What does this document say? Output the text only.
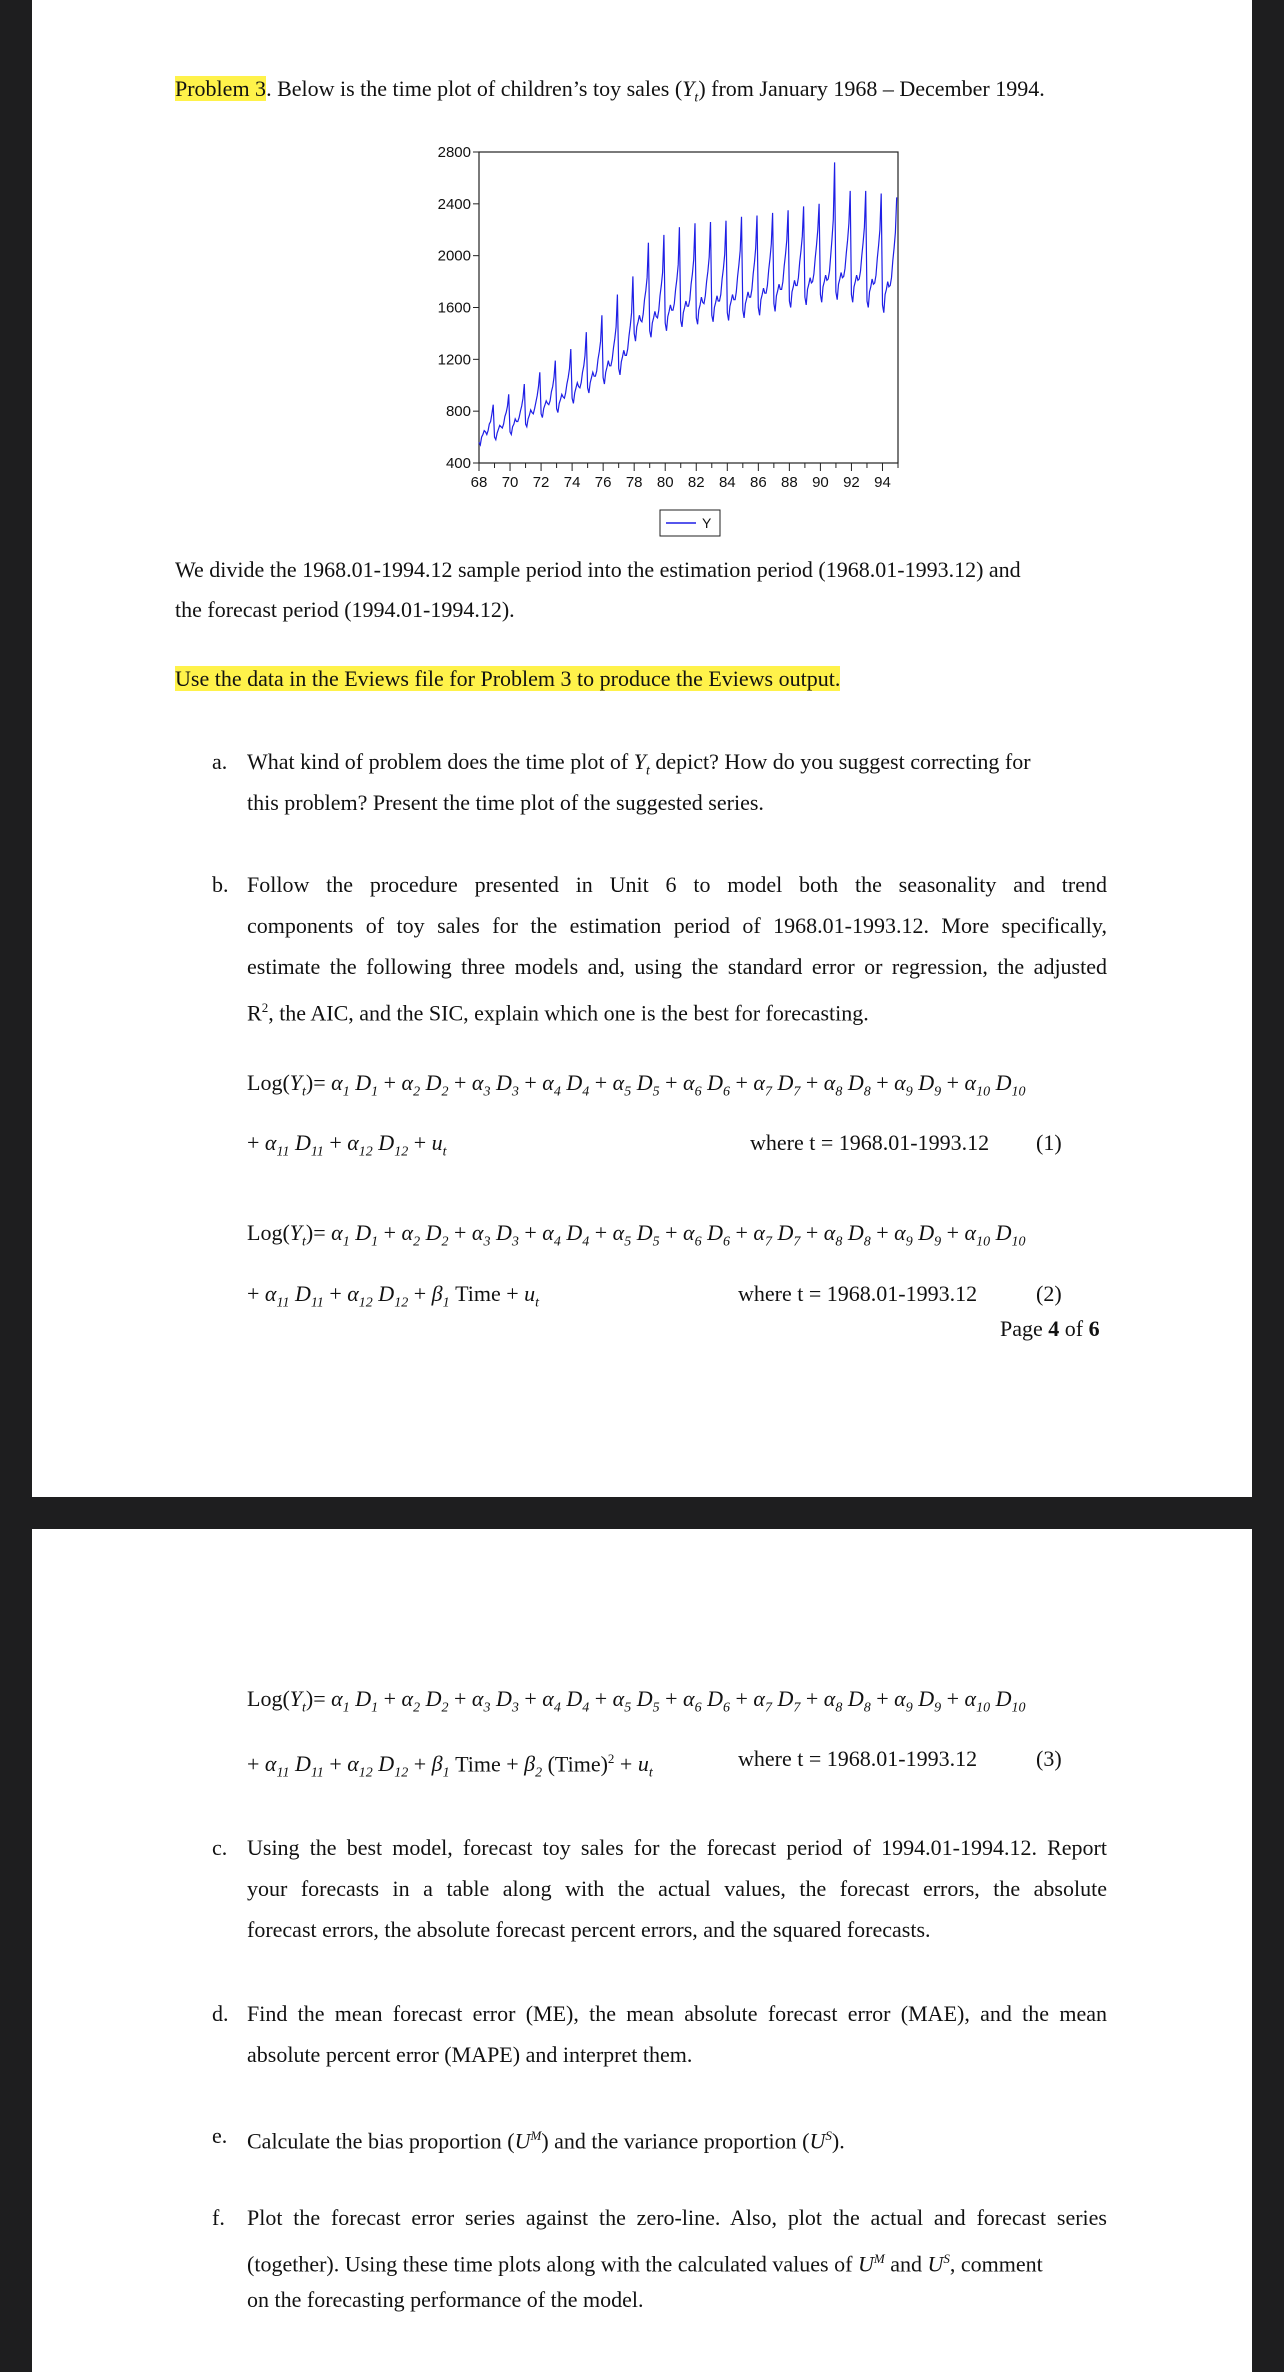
Problem 3. Below is the time plot of children’s toy sales $(Y_t)$ from January 1968 – December 1994.
400
800
1200
1600
2000
2400
2800
68 70 72 74 76 78 80 82 84 86 88 90 92 94
Y
We divide the 1968.01-1994.12 sample period into the estimation period (1968.01-1993.12) and
the forecast period (1994.01-1994.12).
Use the data in the Eviews file for Problem 3 to produce the Eviews output.
a. What kind of problem does the time plot of $Y_t$ depict? How do you suggest correcting for
this problem? Present the time plot of the suggested series.
b. Follow the procedure presented in Unit 6 to model both the seasonality and trend
components of toy sales for the estimation period of 1968.01-1993.12. More specifically,
estimate the following three models and, using the standard error or regression, the adjusted
$R^2$, the AIC, and the SIC, explain which one is the best for forecasting.
$Log(Y_t)= \alpha_1$ $D_1 + \alpha_2$ $D_2 + \alpha_3$ $D_3 + \alpha_4$ $D_4 + \alpha_5$ $D_5 + \alpha_6$ $D_6 + \alpha_7$ $D_7 + \alpha_8$ $D_8 + \alpha_9$ $D_9 + \alpha_{10}$ $D_{10}$
+ $\alpha_{11}$ $D_{11} + \alpha_{12}$ $D_{12} + u_t$	where t = 1968.01-1993.12 (1)
$Log(Y_t)= \alpha_1$ $D_1 + \alpha_2$ $D_2 + \alpha_3$ $D_3 + \alpha_4$ $D_4 + \alpha_5$ $D_5 + \alpha_6$ $D_6 + \alpha_7$ $D_7 + \alpha_8$ $D_8 + \alpha_9$ $D_9 + \alpha_{10}$ $D_{10}$
+ $\alpha_{11}$ $D_{11} + \alpha_{12}$ $D_{12} + \beta_1$ Time + $u_t$	where t = 1968.01-1993.12	(2)
Page 4 of 6
$Log(Y_t)= \alpha_1$ $D_1 + \alpha_2$ $D_2 + \alpha_3$ $D_3 + \alpha_4$ $D_4 + \alpha_5$ $D_5 + \alpha_6$ $D_6 + \alpha_7$ $D_7 + \alpha_8$ $D_8 + \alpha_9$ $D_9 + \alpha_{10}$ $D_{10}$
+ $\alpha_{11}$ $D_{11} + \alpha_{12}$ $D_{12} + \beta_1$ Time + $\beta_2$ (Time)$^2$ + $u_t$
where t = 1968.01-1993.12	(3)
c. Using the best model, forecast toy sales for the forecast period of 1994.01-1994.12. Report
your forecasts in a table along with the actual values, the forecast errors, the absolute
forecast errors, the absolute forecast percent errors, and the squared forecasts.
d. Find the mean forecast error (ME), the mean absolute forecast error (MAE), and the mean
absolute percent error (MAPE) and interpret them.
e. Calculate the bias proportion $(U^M)$ and the variance proportion $(U^S)$.
f. Plot the forecast error series against the zero-line. Also, plot the actual and forecast series
(together). Using these time plots along with the calculated values of $U^M$ and $U^S$, comment
on the forecasting performance of the model.
